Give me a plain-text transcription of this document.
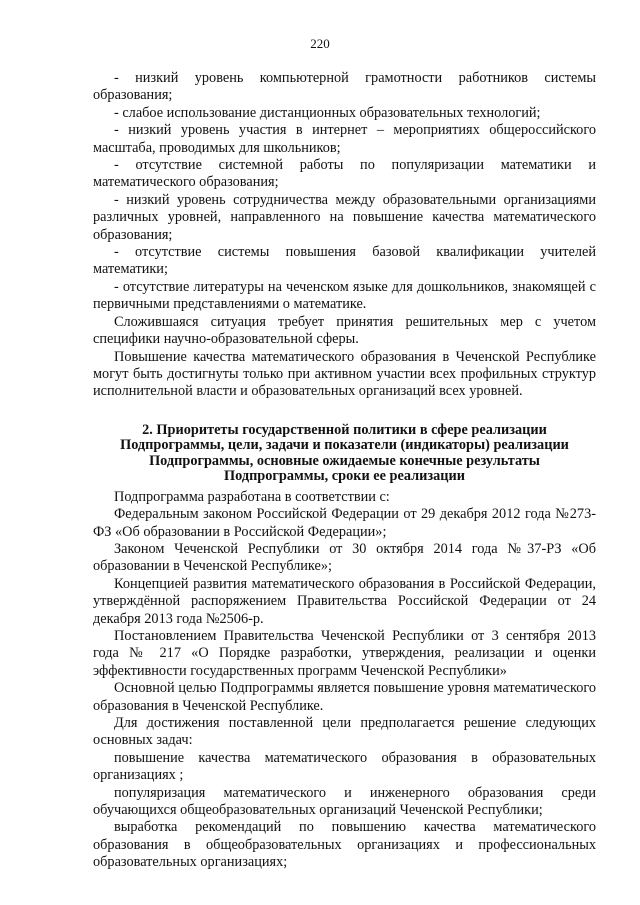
220

- низкий уровень компьютерной грамотности работников системы образования;

- слабое использование дистанционных образовательных технологий;

- низкий уровень участия в интернет – мероприятиях общероссийского масштаба, проводимых для школьников;

- отсутствие системной работы по популяризации математики и математического образования;

- низкий уровень сотрудничества между образовательными организациями различных уровней, направленного на повышение качества математического образования;

- отсутствие системы повышения базовой квалификации учителей математики;

- отсутствие литературы на чеченском языке для дошкольников, знакомящей с первичными представлениями о математике.

Сложившаяся ситуация требует принятия решительных мер с учетом специфики научно-образовательной сферы.

Повышение качества математического образования в Чеченской Республике могут быть достигнуты только при активном участии всех профильных структур исполнительной власти и образовательных организаций всех уровней.

2. Приоритеты государственной политики в сфере реализации Подпрограммы, цели, задачи и показатели (индикаторы) реализации Подпрограммы, основные ожидаемые конечные результаты Подпрограммы, сроки ее реализации

Подпрограмма разработана в соответствии с:

Федеральным законом Российской Федерации от 29 декабря 2012 года №273-ФЗ «Об образовании в Российской Федерации»;

Законом Чеченской Республики от 30 октября 2014 года №37-РЗ «Об образовании в Чеченской Республике»;

Концепцией развития математического образования в Российской Федерации, утверждённой распоряжением Правительства Российской Федерации от 24 декабря 2013 года №2506-р.

Постановлением Правительства Чеченской Республики от 3 сентября 2013 года № 217 «О Порядке разработки, утверждения, реализации и оценки эффективности государственных программ Чеченской Республики»

Основной целью Подпрограммы является повышение уровня математического образования в Чеченской Республике.

Для достижения поставленной цели предполагается решение следующих основных задач:

повышение качества математического образования в образовательных организациях ;

популяризация математического и инженерного образования среди обучающихся общеобразовательных организаций Чеченской Республики;

выработка рекомендаций по повышению качества математического образования в общеобразовательных организациях и профессиональных образовательных организациях;
